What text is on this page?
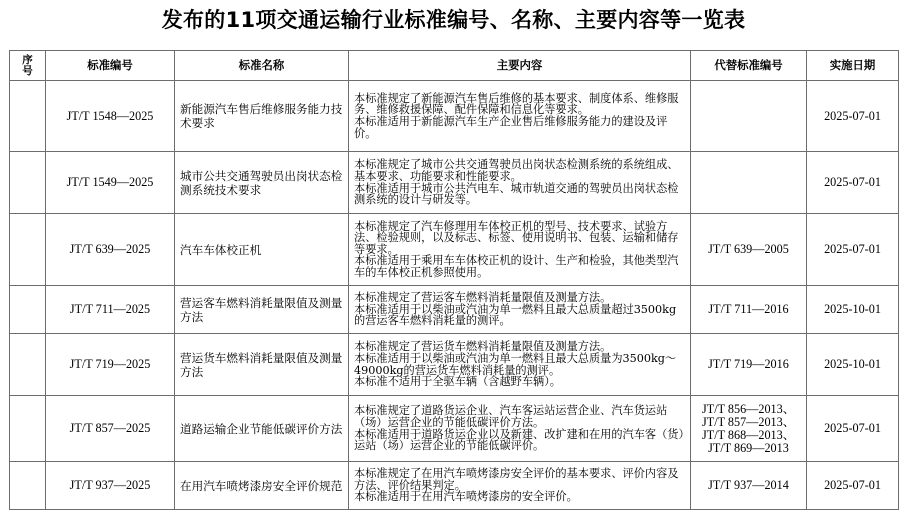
发布的11项交通运输行业标准编号、名称、主要内容等一览表
序号	标准编号	标准名称	主要内容	代替标准编号	实施日期
	JT/T 1548—2025	新能源汽车售后维修服务能力技术要求	本标准规定了新能源汽车售后维修的基本要求、制度体系、维修服务、维修救援保障、配件保障和信息化等要求。
本标准适用于新能源汽车生产企业售后维修服务能力的建设及评价。		2025-07-01
	JT/T 1549—2025	城市公共交通驾驶员出岗状态检测系统技术要求	本标准规定了城市公共交通驾驶员出岗状态检测系统的系统组成、基本要求、功能要求和性能要求。
本标准适用于城市公共汽电车、城市轨道交通的驾驶员出岗状态检测系统的设计与研发等。		2025-07-01
	JT/T 639—2025	汽车车体校正机	本标准规定了汽车修理用车体校正机的型号、技术要求、试验方法、检验规则，以及标志、标签、使用说明书、包装、运输和储存等要求。
本标准适用于乘用车车体校正机的设计、生产和检验，其他类型汽车的车体校正机参照使用。	JT/T 639—2005	2025-07-01
	JT/T 711—2025	营运客车燃料消耗量限值及测量方法	本标准规定了营运客车燃料消耗量限值及测量方法。
本标准适用于以柴油或汽油为单一燃料且最大总质量超过3500kg的营运客车燃料消耗量的测评。	JT/T 711—2016	2025-10-01
	JT/T 719—2025	营运货车燃料消耗量限值及测量方法	本标准规定了营运货车燃料消耗量限值及测量方法。
本标准适用于以柴油或汽油为单一燃料且最大总质量为3500kg～49000kg的营运货车燃料消耗量的测评。
本标准不适用于全驱车辆（含越野车辆）。	JT/T 719—2016	2025-10-01
	JT/T 857—2025	道路运输企业节能低碳评价方法	本标准规定了道路货运企业、汽车客运站运营企业、汽车货运站（场）运营企业的节能低碳评价方法。
本标准适用于道路货运企业以及新建、改扩建和在用的汽车客（货）运站（场）运营企业的节能低碳评价。	JT/T 856—2013、
JT/T 857—2013、
JT/T 868—2013、
JT/T 869—2013	2025-07-01
	JT/T 937—2025	在用汽车喷烤漆房安全评价规范	本标准规定了在用汽车喷烤漆房安全评价的基本要求、评价内容及方法、评价结果判定。
本标准适用于在用汽车喷烤漆房的安全评价。	JT/T 937—2014	2025-07-01
